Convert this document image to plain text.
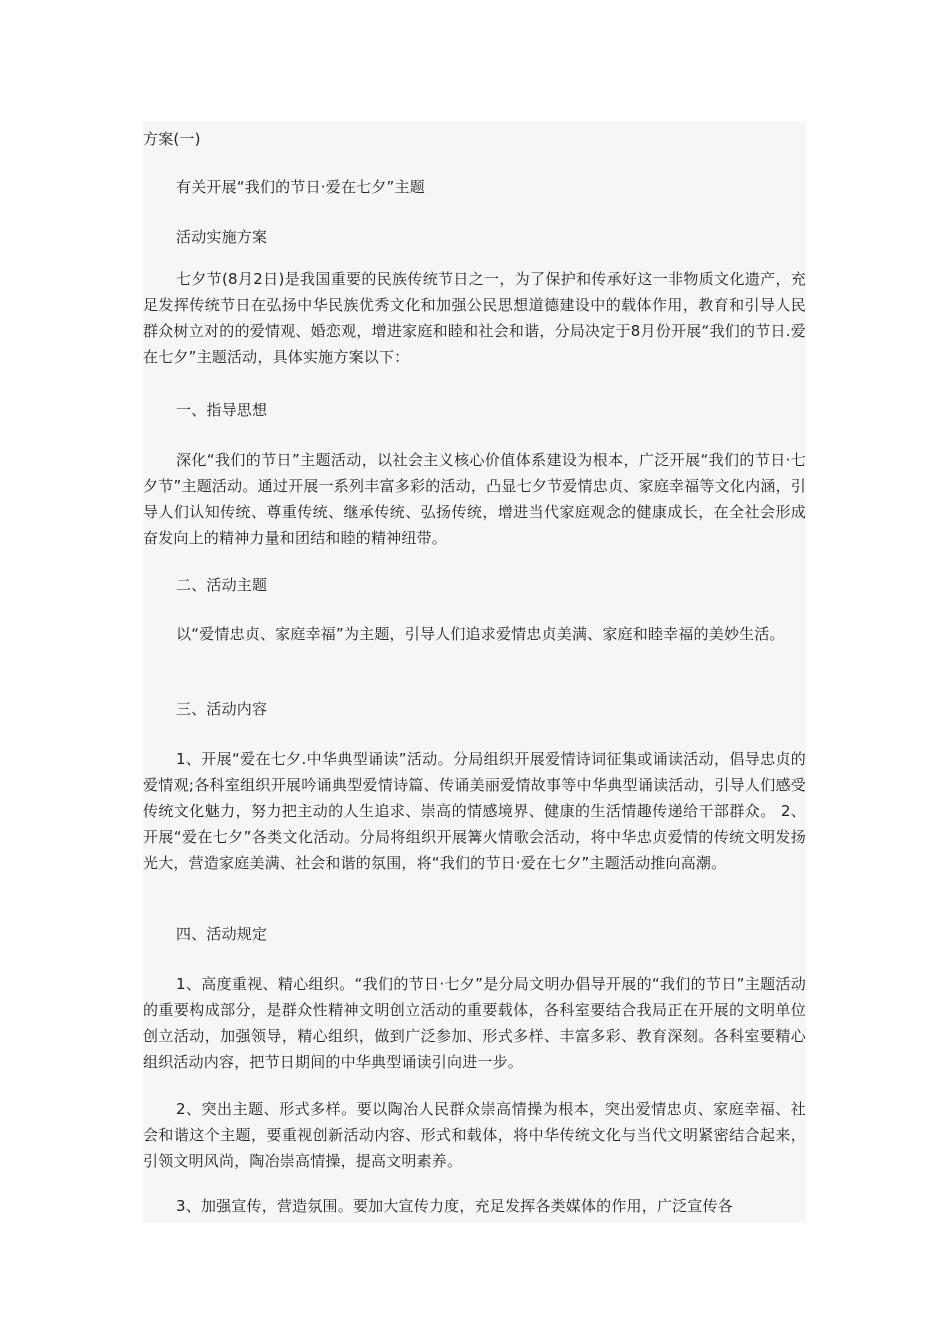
方案(一)

有关开展“我们的节日·爱在七夕”主题

活动实施方案

七夕节(8月2日)是我国重要的民族传统节日之一，为了保护和传承好这一非物质文化遗产，充足发挥传统节日在弘扬中华民族优秀文化和加强公民思想道德建设中的载体作用，教育和引导人民群众树立对的的爱情观、婚恋观，增进家庭和睦和社会和谐，分局决定于8月份开展“我们的节日.爱在七夕”主题活动，具体实施方案以下：

一、指导思想

深化“我们的节日”主题活动，以社会主义核心价值体系建设为根本，广泛开展“我们的节日·七夕节”主题活动。通过开展一系列丰富多彩的活动，凸显七夕节爱情忠贞、家庭幸福等文化内涵，引导人们认知传统、尊重传统、继承传统、弘扬传统，增进当代家庭观念的健康成长，在全社会形成奋发向上的精神力量和团结和睦的精神纽带。

二、活动主题

以“爱情忠贞、家庭幸福”为主题，引导人们追求爱情忠贞美满、家庭和睦幸福的美妙生活。

三、活动内容

1、开展“爱在七夕.中华典型诵读”活动。分局组织开展爱情诗词征集或诵读活动，倡导忠贞的爱情观;各科室组织开展吟诵典型爱情诗篇、传诵美丽爱情故事等中华典型诵读活动，引导人们感受传统文化魅力，努力把主动的人生追求、崇高的情感境界、健康的生活情趣传递给干部群众。 2、开展“爱在七夕”各类文化活动。分局将组织开展篝火情歌会活动，将中华忠贞爱情的传统文明发扬光大，营造家庭美满、社会和谐的氛围，将“我们的节日·爱在七夕”主题活动推向高潮。

四、活动规定

1、高度重视、精心组织。“我们的节日·七夕”是分局文明办倡导开展的“我们的节日”主题活动的重要构成部分，是群众性精神文明创立活动的重要载体，各科室要结合我局正在开展的文明单位创立活动，加强领导，精心组织，做到广泛参加、形式多样、丰富多彩、教育深刻。各科室要精心组织活动内容，把节日期间的中华典型诵读引向进一步。

2、突出主题、形式多样。要以陶冶人民群众崇高情操为根本，突出爱情忠贞、家庭幸福、社会和谐这个主题，要重视创新活动内容、形式和载体，将中华传统文化与当代文明紧密结合起来，引领文明风尚，陶冶崇高情操，提高文明素养。

3、加强宣传，营造氛围。要加大宣传力度，充足发挥各类媒体的作用，广泛宣传各
